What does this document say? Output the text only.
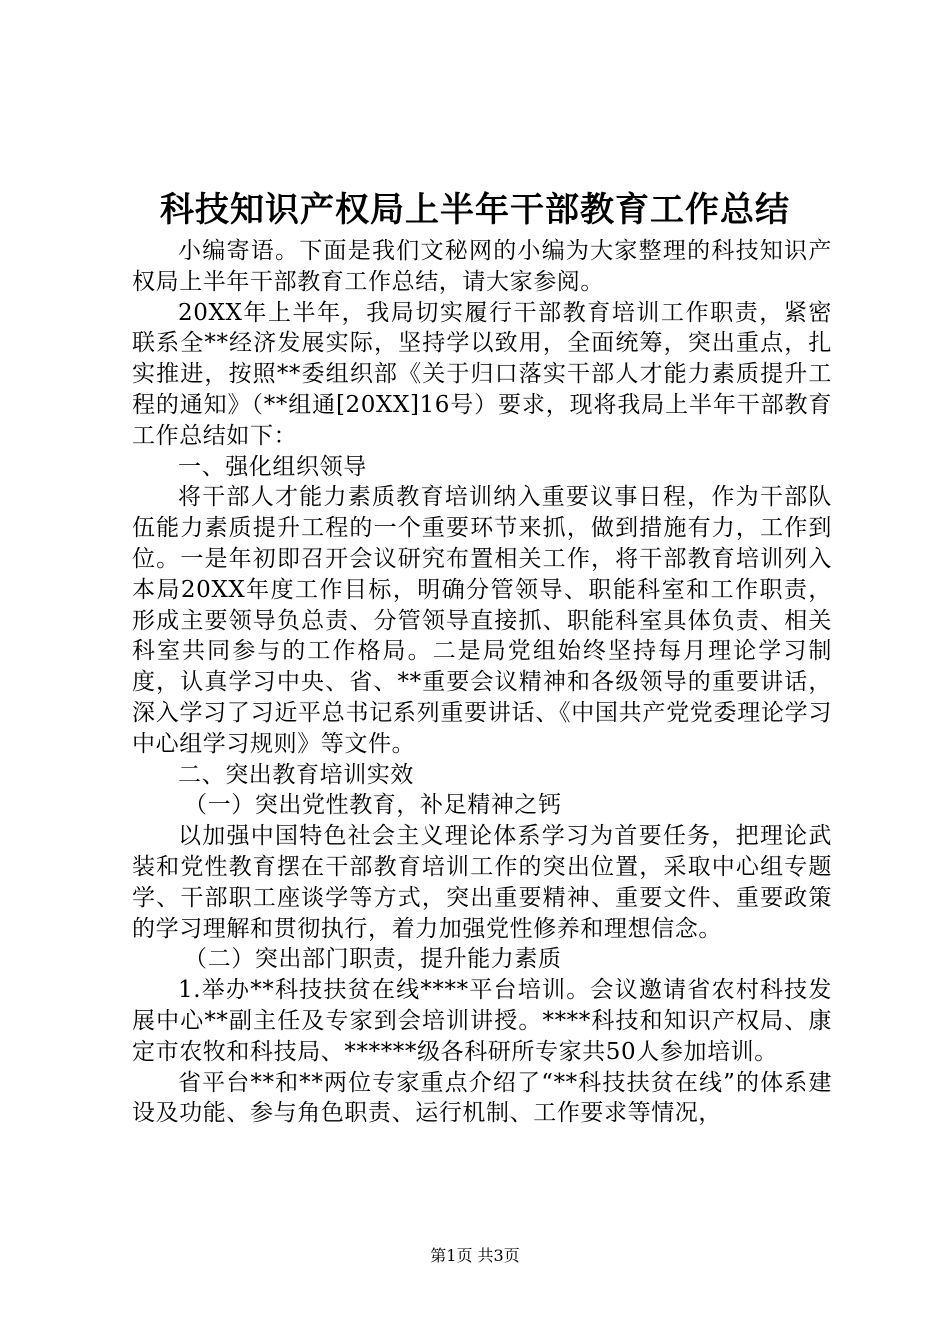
科技知识产权局上半年干部教育工作总结

小编寄语。下面是我们文秘网的小编为大家整理的科技知识产权局上半年干部教育工作总结，请大家参阅。

20XX年上半年，我局切实履行干部教育培训工作职责，紧密联系全**经济发展实际，坚持学以致用，全面统筹，突出重点，扎实推进，按照**委组织部《关于归口落实干部人才能力素质提升工程的通知》（**组通[20XX]16号）要求，现将我局上半年干部教育工作总结如下：

一、强化组织领导

将干部人才能力素质教育培训纳入重要议事日程，作为干部队伍能力素质提升工程的一个重要环节来抓，做到措施有力，工作到位。一是年初即召开会议研究布置相关工作，将干部教育培训列入本局20XX年度工作目标，明确分管领导、职能科室和工作职责，形成主要领导负总责、分管领导直接抓、职能科室具体负责、相关科室共同参与的工作格局。二是局党组始终坚持每月理论学习制度，认真学习中央、省、**重要会议精神和各级领导的重要讲话，深入学习了习近平总书记系列重要讲话、《中国共产党党委理论学习中心组学习规则》等文件。

二、突出教育培训实效

（一）突出党性教育，补足精神之钙

以加强中国特色社会主义理论体系学习为首要任务，把理论武装和党性教育摆在干部教育培训工作的突出位置，采取中心组专题学、干部职工座谈学等方式，突出重要精神、重要文件、重要政策的学习理解和贯彻执行，着力加强党性修养和理想信念。

（二）突出部门职责，提升能力素质

1.举办**科技扶贫在线****平台培训。会议邀请省农村科技发展中心**副主任及专家到会培训讲授。****科技和知识产权局、康定市农牧和科技局、******级各科研所专家共50人参加培训。

省平台**和**两位专家重点介绍了“**科技扶贫在线”的体系建设及功能、参与角色职责、运行机制、工作要求等情况，

第1页 共3页
